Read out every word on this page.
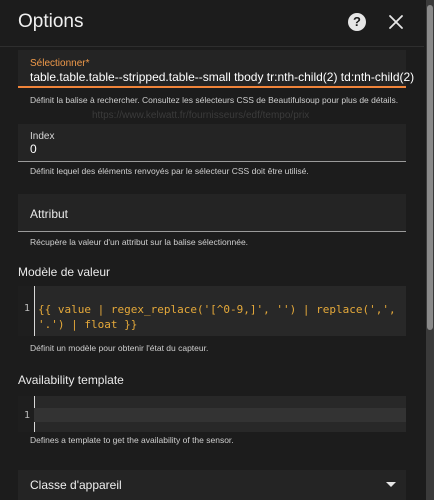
Options	?
https://www.kelwatt.fr/fournisseurs/edf/tempo/prix
Sélectionner*
table.table.table--stripped.table--small tbody tr:nth-child(2) td:nth-child(2)
Définit la balise à rechercher. Consultez les sélecteurs CSS de Beautifulsoup pour plus de détails.
Index
0
Définit lequel des éléments renvoyés par le sélecteur CSS doit être utilisé.
Attribut
Récupère la valeur d'un attribut sur la balise sélectionnée.
Modèle de valeur
1 {{ value | regex_replace('[^0-9,]', '') | replace(',', '.') | float }}
Définit un modèle pour obtenir l'état du capteur.
Availability template
1
Defines a template to get the availability of the sensor.
Classe d'appareil
